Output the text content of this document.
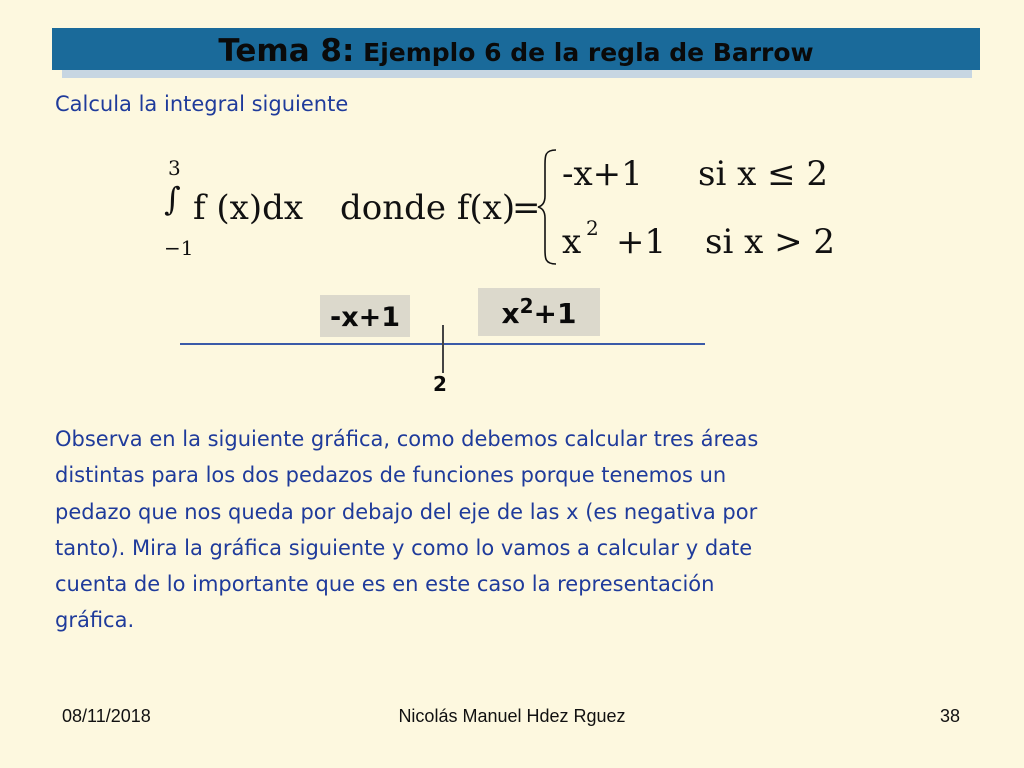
Tema 8: Ejemplo 6 de la regla de Barrow
Calcula la integral siguiente
3
∫ f (x)dx
−1
donde f(x)
=
-x+1 si x ≤ 2
x 2 +1 si x > 2
-x+1	$x^2+1$
2
Observa en la siguiente gráfica, como debemos calcular tres áreas
distintas para los dos pedazos de funciones porque tenemos un
pedazo que nos queda por debajo del eje de las x (es negativa por
tanto). Mira la gráfica siguiente y como lo vamos a calcular y date
cuenta de lo importante que es en este caso la representación
gráfica.
08/11/2018	Nicolás Manuel Hdez Rguez	38
